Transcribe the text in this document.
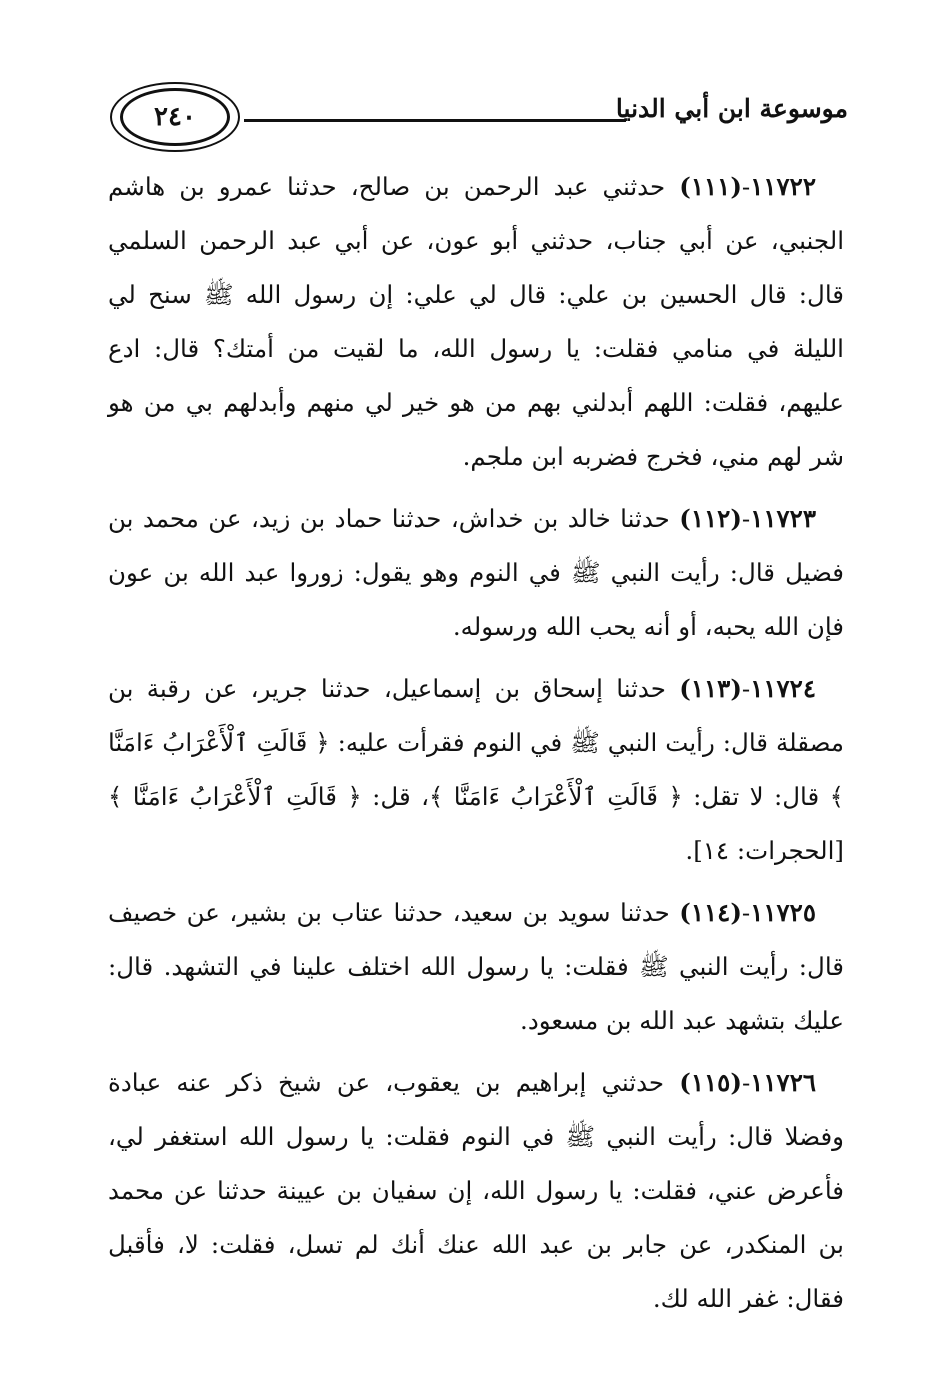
٢٤٠	موسوعة ابن أبي الدنيا

١١٧٢٢-(١١١) حدثني عبد الرحمن بن صالح، حدثنا عمرو بن هاشم الجنبي، عن أبي جناب، حدثني أبو عون، عن أبي عبد الرحمن السلمي قال: قال الحسين بن علي: قال لي علي: إن رسول الله ﷺ سنح لي الليلة في منامي فقلت: يا رسول الله، ما لقيت من أمتك؟ قال: ادع عليهم، فقلت: اللهم أبدلني بهم من هو خير لي منهم وأبدلهم بي من هو شر لهم مني، فخرج فضربه ابن ملجم.

١١٧٢٣-(١١٢) حدثنا خالد بن خداش، حدثنا حماد بن زيد، عن محمد بن فضيل قال: رأيت النبي ﷺ في النوم وهو يقول: زوروا عبد الله بن عون فإن الله يحبه، أو أنه يحب الله ورسوله.

١١٧٢٤-(١١٣) حدثنا إسحاق بن إسماعيل، حدثنا جرير، عن رقبة بن مصقلة قال: رأيت النبي ﷺ في النوم فقرأت عليه: ﴿ قَالَتِ ٱلْأَعْرَابُ ءَامَنَّا ﴾ قال: لا تقل: ﴿ قَالَتِ ٱلْأَعْرَابُ ءَامَنَّا ﴾، قل: ﴿ قَالَتِ ٱلْأَعْرَابُ ءَامَنَّا ﴾[الحجرات: ١٤].

١١٧٢٥-(١١٤) حدثنا سويد بن سعيد، حدثنا عتاب بن بشير، عن خصيف قال: رأيت النبي ﷺ فقلت: يا رسول الله اختلف علينا في التشهد. قال: عليك بتشهد عبد الله بن مسعود.

١١٧٢٦-(١١٥) حدثني إبراهيم بن يعقوب، عن شيخ ذكر عنه عبادة وفضلا قال: رأيت النبي ﷺ في النوم فقلت: يا رسول الله استغفر لي، فأعرض عني، فقلت: يا رسول الله، إن سفيان بن عيينة حدثنا عن محمد بن المنكدر، عن جابر بن عبد الله عنك أنك لم تسل، فقلت: لا، فأقبل فقال: غفر الله لك.
